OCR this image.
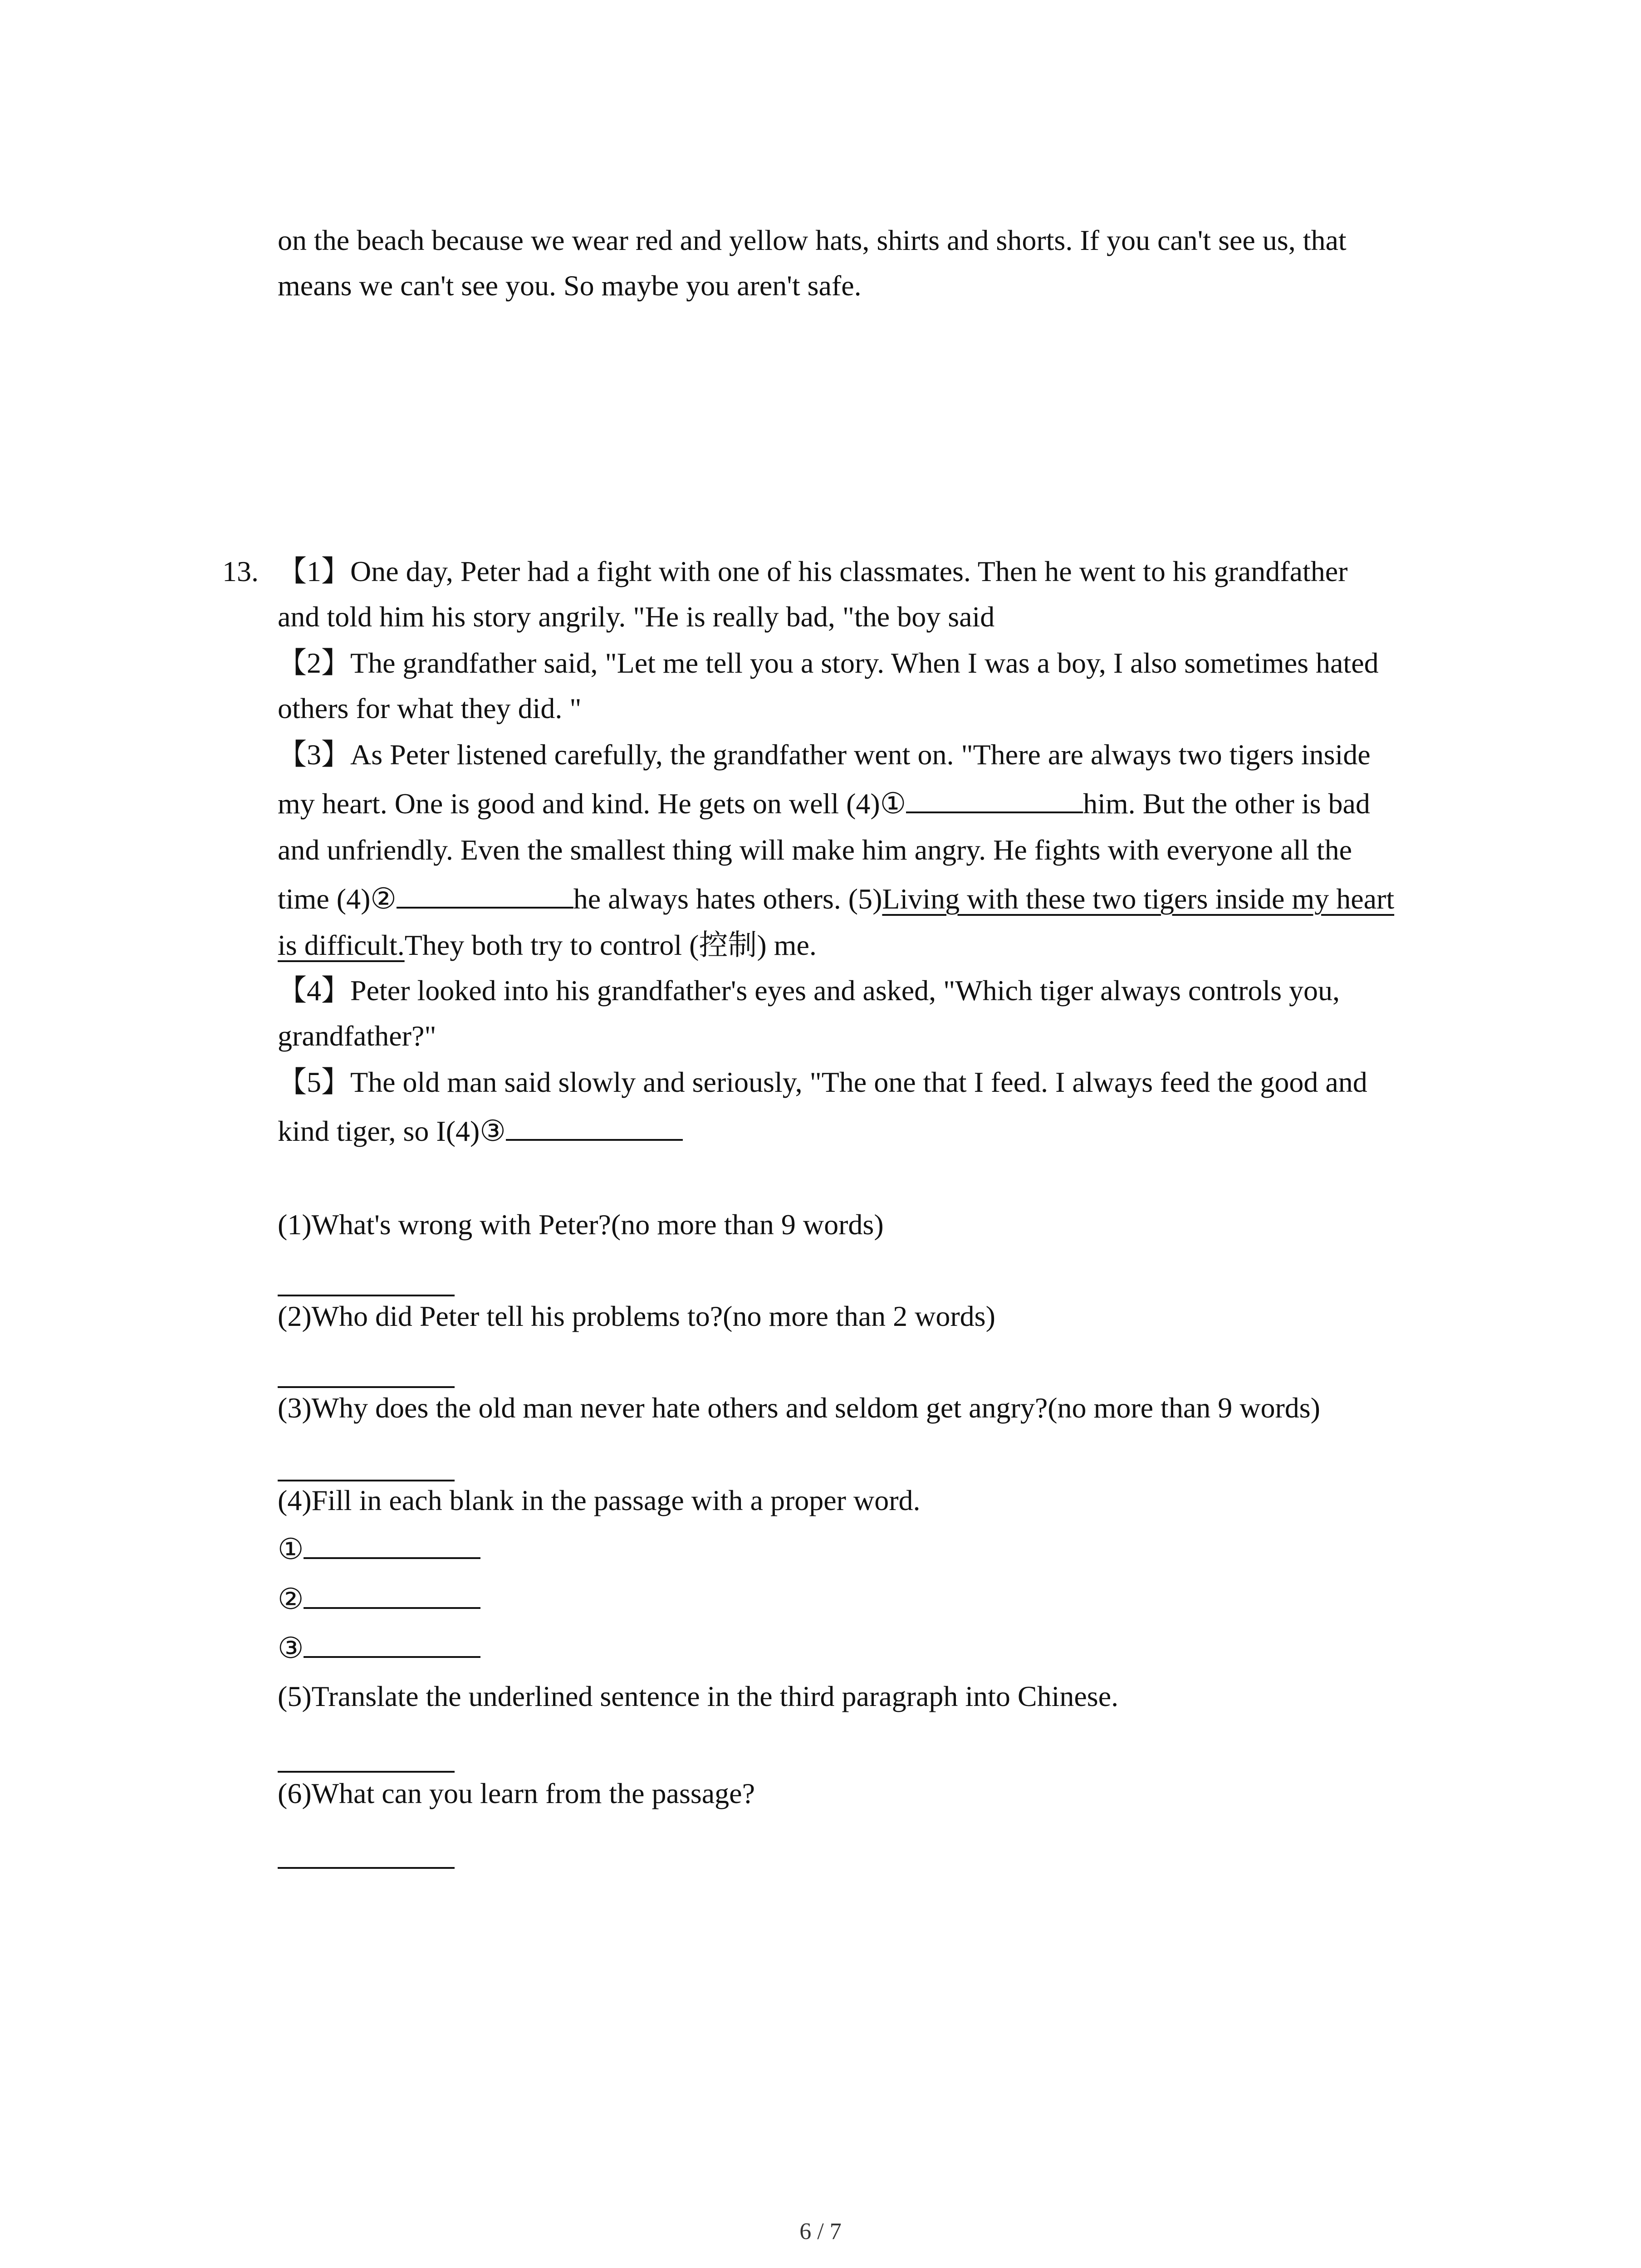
on the beach because we wear red and yellow hats, shirts and shorts. If you can't see us, that
means we can't see you. So maybe you aren't safe.
13. 【1】One day, Peter had a fight with one of his classmates. Then he went to his grandfather
and told him his story angrily. "He is really bad, "the boy said
【2】The grandfather said, "Let me tell you a story. When I was a boy, I also sometimes hated
others for what they did. "
【3】As Peter listened carefully, the grandfather went on. "There are always two tigers inside
my heart. One is good and kind. He gets on well (4)①	him. But the other is bad
and unfriendly. Even the smallest thing will make him angry. He fights with everyone all the
time (4)②	he always hates others. (5)Living with these two tigers inside my heart
is difficult.They both try to control (控制) me.
【4】Peter looked into his grandfather's eyes and asked, "Which tiger always controls you,
grandfather?"
【5】The old man said slowly and seriously, "The one that I feed. I always feed the good and
kind tiger, so I(4)③
(1)What's wrong with Peter?(no more than 9 words)
(2)Who did Peter tell his problems to?(no more than 2 words)
(3)Why does the old man never hate others and seldom get angry?(no more than 9 words)
(4)Fill in each blank in the passage with a proper word.
①
②
③
(5)Translate the underlined sentence in the third paragraph into Chinese.
(6)What can you learn from the passage?
6 / 7
